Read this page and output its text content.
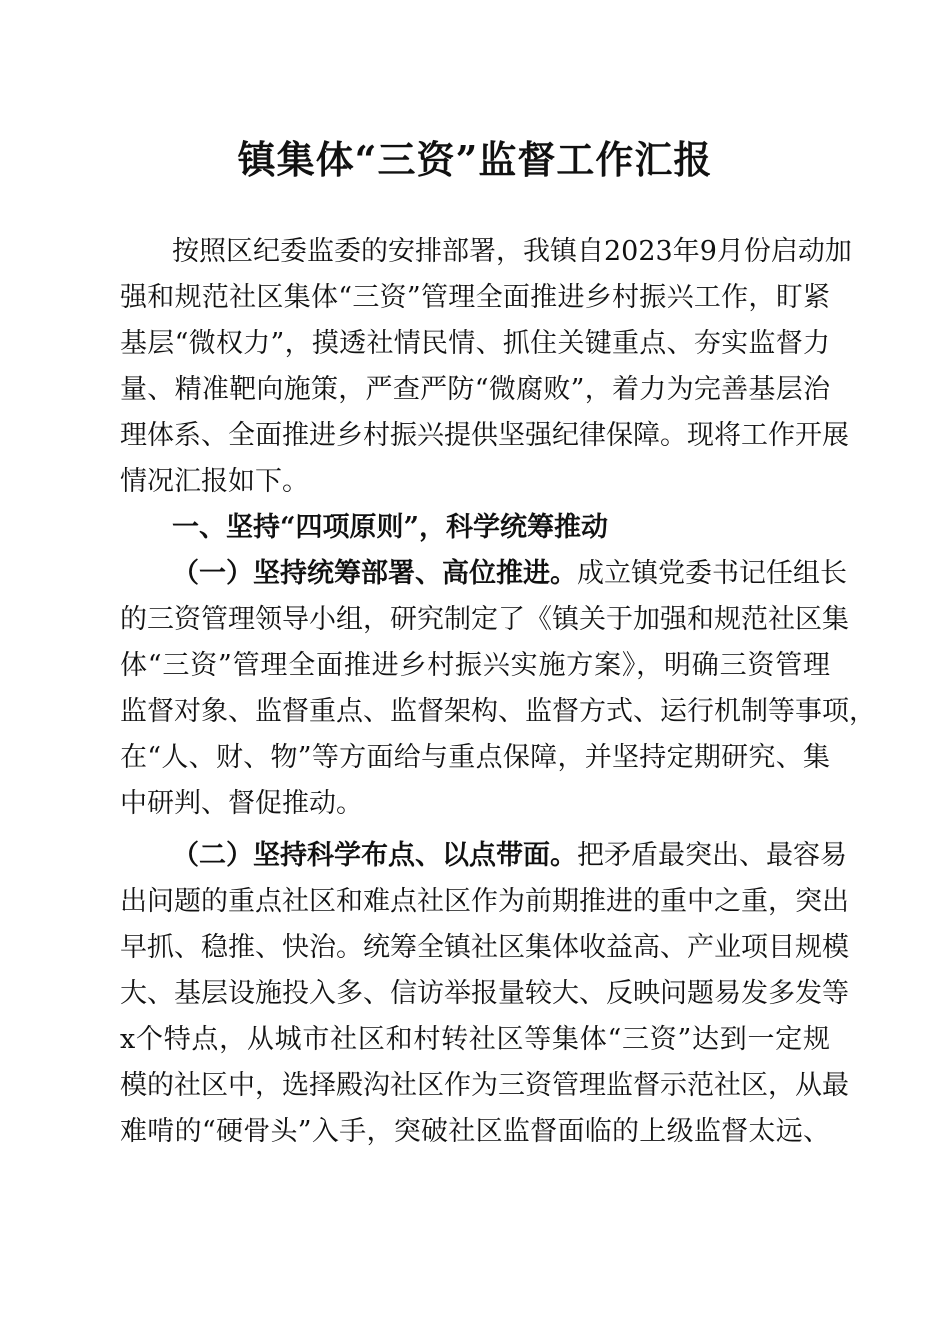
镇集体“三资”监督工作汇报
按照区纪委监委的安排部署，我镇自2023年9月份启动加
强和规范社区集体“三资”管理全面推进乡村振兴工作，盯紧
基层“微权力”，摸透社情民情、抓住关键重点、夯实监督力
量、精准靶向施策，严查严防“微腐败”，着力为完善基层治
理体系、全面推进乡村振兴提供坚强纪律保障。现将工作开展
情况汇报如下。
一、坚持“四项原则”，科学统筹推动
（一）坚持统筹部署、高位推进。成立镇党委书记任组长
的三资管理领导小组，研究制定了《镇关于加强和规范社区集
体“三资”管理全面推进乡村振兴实施方案》，明确三资管理
监督对象、监督重点、监督架构、监督方式、运行机制等事项，
在“人、财、物”等方面给与重点保障，并坚持定期研究、集
中研判、督促推动。
（二）坚持科学布点、以点带面。把矛盾最突出、最容易
出问题的重点社区和难点社区作为前期推进的重中之重，突出
早抓、稳推、快治。统筹全镇社区集体收益高、产业项目规模
大、基层设施投入多、信访举报量较大、反映问题易发多发等
x个特点，从城市社区和村转社区等集体“三资”达到一定规
模的社区中，选择殿沟社区作为三资管理监督示范社区，从最
难啃的“硬骨头”入手，突破社区监督面临的上级监督太远、
